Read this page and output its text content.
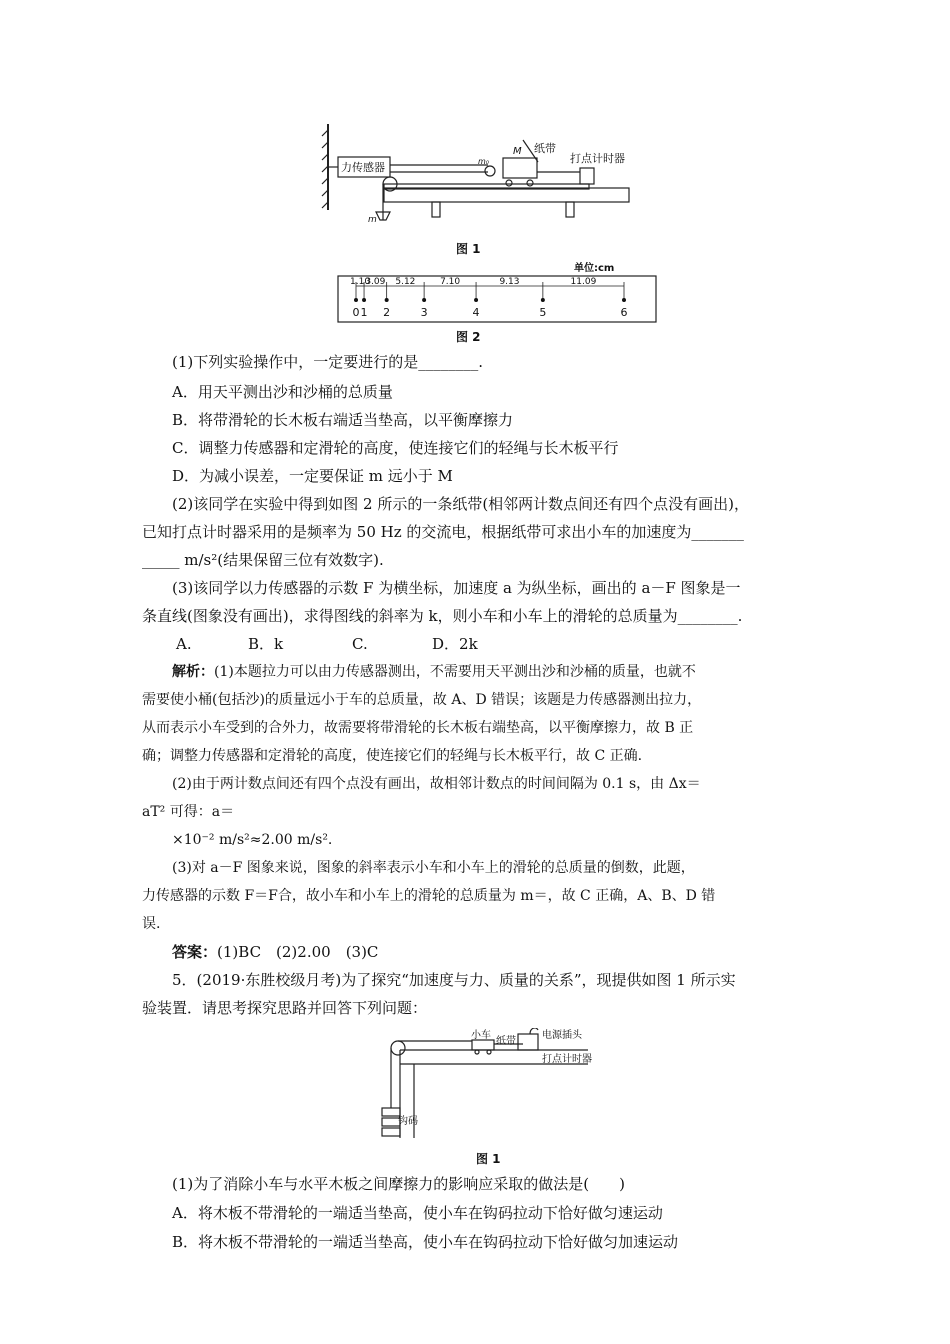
力传感器	m₀
M 纸带
打点计时器
m
图 1
单位:cm
0 1 2	3	4	5	6
1.10
3.09 5.12	7.10	9.13	11.09
图 2
(1)下列实验操作中，一定要进行的是________.
A．用天平测出沙和沙桶的总质量
B．将带滑轮的长木板右端适当垫高，以平衡摩擦力
C．调整力传感器和定滑轮的高度，使连接它们的轻绳与长木板平行
D．为减小误差，一定要保证 m 远小于 M
(2)该同学在实验中得到如图 2 所示的一条纸带(相邻两计数点间还有四个点没有画出)，
已知打点计时器采用的是频率为 50 Hz 的交流电，根据纸带可求出小车的加速度为_______
_____ m/s²(结果保留三位有效数字).
(3)该同学以力传感器的示数 F 为横坐标，加速度 a 为纵坐标，画出的 a－F 图象是一
条直线(图象没有画出)，求得图线的斜率为 k，则小车和小车上的滑轮的总质量为________.
A.	B．k	C.	D．2k
解析：(1)本题拉力可以由力传感器测出，不需要用天平测出沙和沙桶的质量，也就不
需要使小桶(包括沙)的质量远小于车的总质量，故 A、D 错误；该题是力传感器测出拉力，
从而表示小车受到的合外力，故需要将带滑轮的长木板右端垫高，以平衡摩擦力，故 B 正
确；调整力传感器和定滑轮的高度，使连接它们的轻绳与长木板平行，故 C 正确.
(2)由于两计数点间还有四个点没有画出，故相邻计数点的时间间隔为 0.1 s，由 Δx＝
aT² 可得：a＝
×10⁻² m/s²≈2.00 m/s².
(3)对 a－F 图象来说，图象的斜率表示小车和小车上的滑轮的总质量的倒数，此题，
力传感器的示数 F＝F合，故小车和小车上的滑轮的总质量为 m＝，故 C 正确，A、B、D 错
误.
答案：(1)BC　(2)2.00　(3)C
5．(2019·东胜校级月考)为了探究“加速度与力、质量的关系”，现提供如图 1 所示实
验装置．请思考探究思路并回答下列问题：
小车
纸带
电源插头
打点计时器
钩码
图 1
(1)为了消除小车与水平木板之间摩擦力的影响应采取的做法是(　　)
A．将木板不带滑轮的一端适当垫高，使小车在钩码拉动下恰好做匀速运动
B．将木板不带滑轮的一端适当垫高，使小车在钩码拉动下恰好做匀加速运动
